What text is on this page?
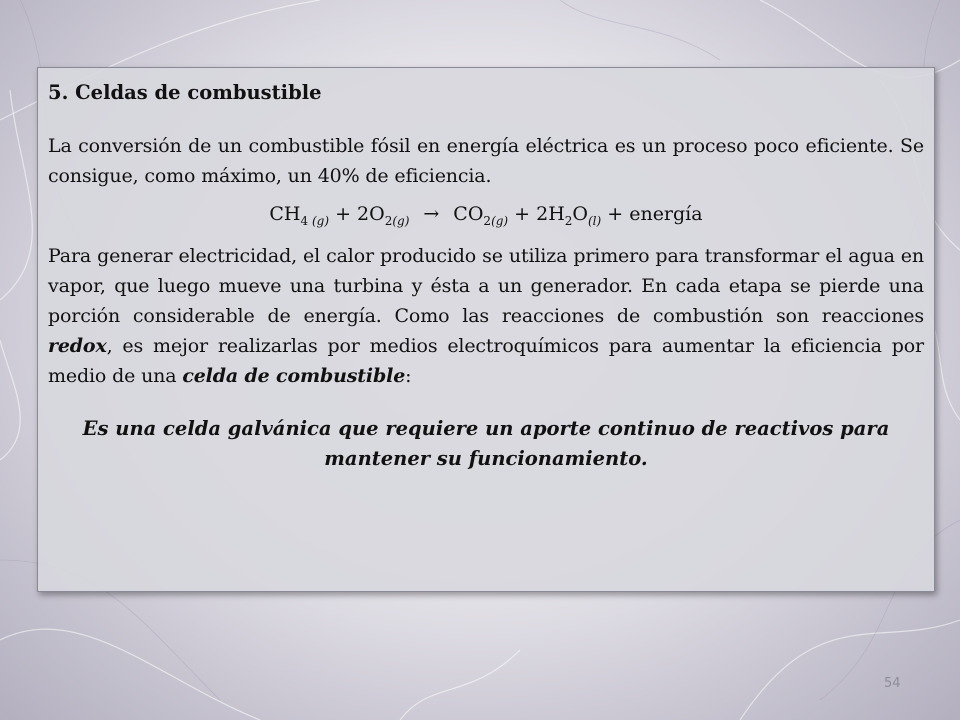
5. Celdas de combustible

La conversión de un combustible fósil en energía eléctrica es un proceso poco eficiente. Se consigue, como máximo, un 40% de eficiencia.

$CH_{4 (g)} + 2O_{2(g)} \to CO_{2(g)} + 2H_2O_{(l)}$ + energía

Para generar electricidad, el calor producido se utiliza primero para transformar el agua en vapor, que luego mueve una turbina y ésta a un generador. En cada etapa se pierde una porción considerable de energía. Como las reacciones de combustión son reacciones redox, es mejor realizarlas por medios electroquímicos para aumentar la eficiencia por medio de una celda de combustible:

Es una celda galvánica que requiere un aporte continuo de reactivos para mantener su funcionamiento.

54
